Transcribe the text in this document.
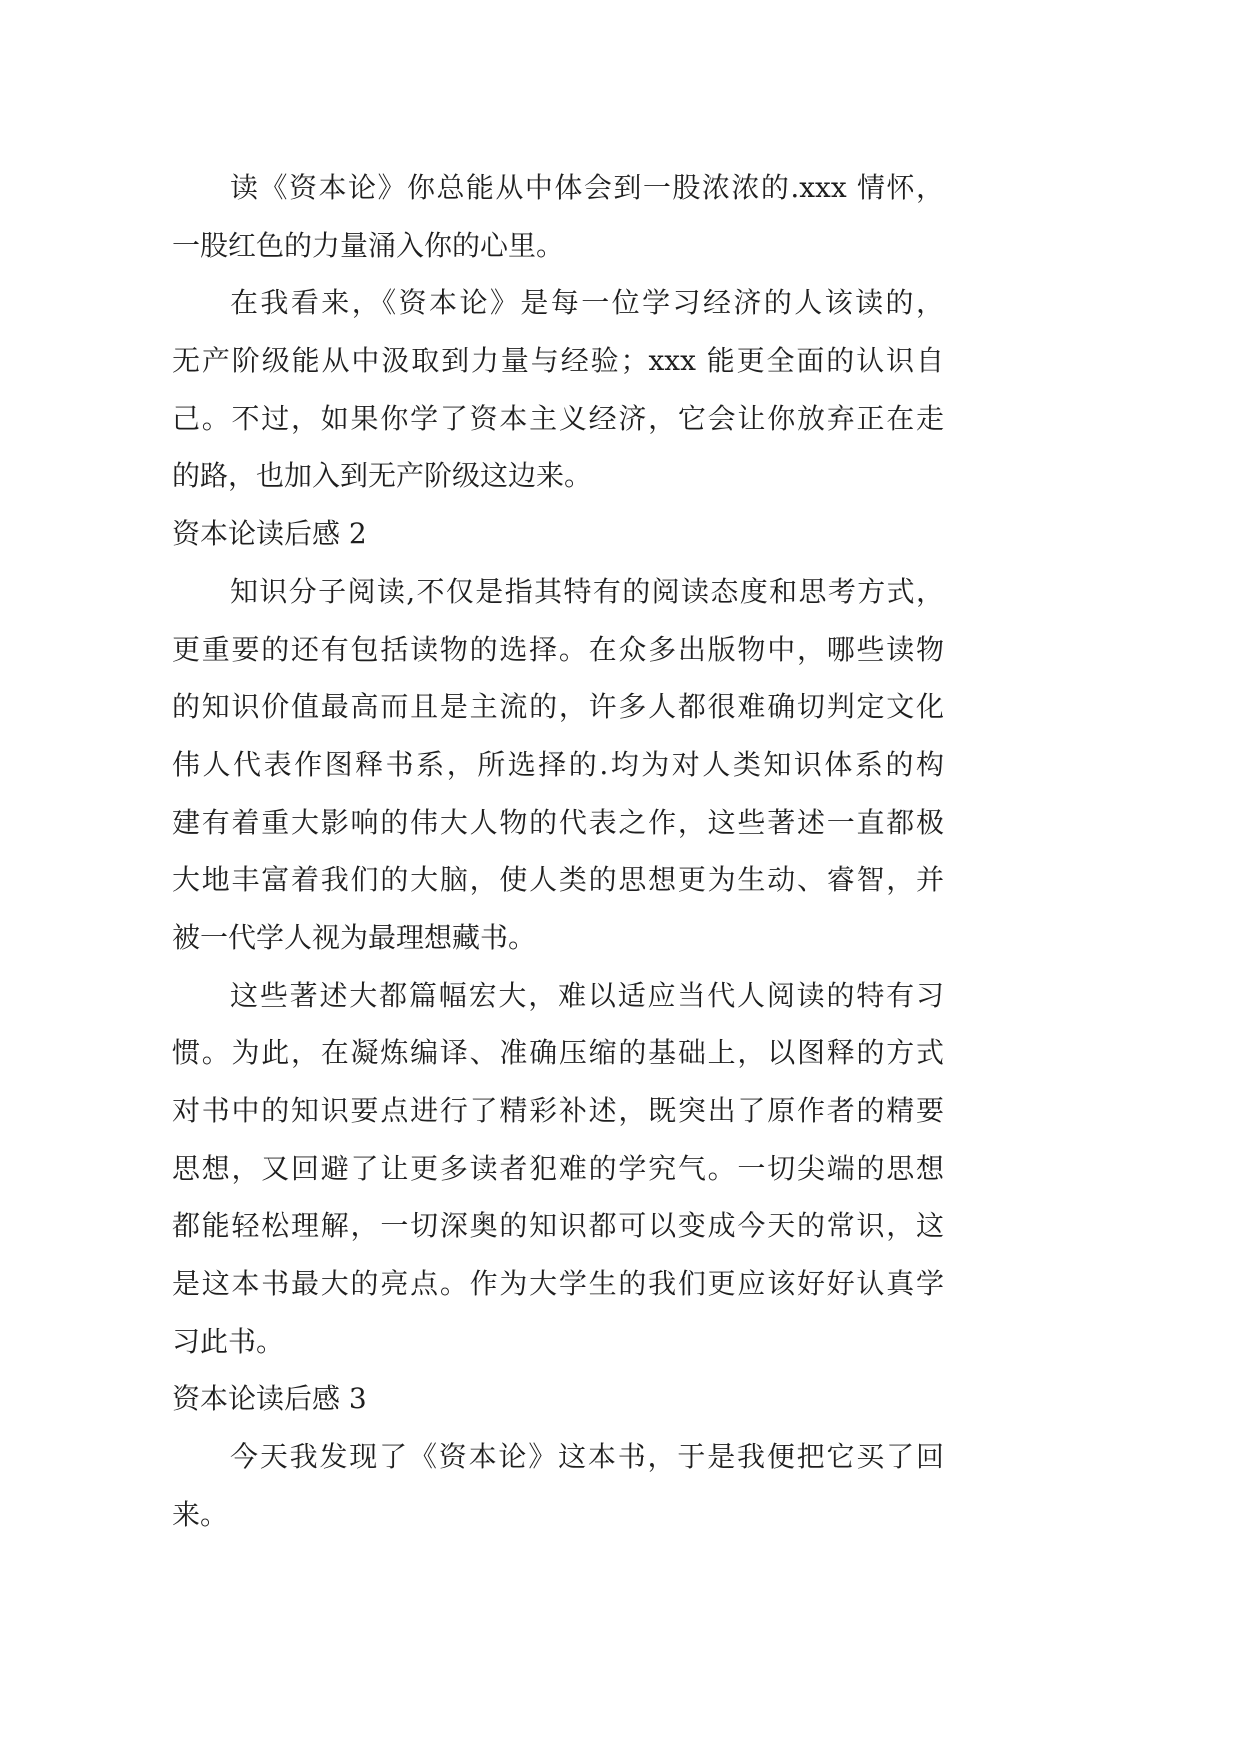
读《资本论》你总能从中体会到一股浓浓的.xxx 情怀，
一股红色的力量涌入你的心里。
在我看来，《资本论》是每一位学习经济的人该读的，
无产阶级能从中汲取到力量与经验；xxx 能更全面的认识自
己。不过，如果你学了资本主义经济，它会让你放弃正在走
的路，也加入到无产阶级这边来。
资本论读后感 2
知识分子阅读,不仅是指其特有的阅读态度和思考方式，
更重要的还有包括读物的选择。在众多出版物中，哪些读物
的知识价值最高而且是主流的，许多人都很难确切判定文化
伟人代表作图释书系，所选择的.均为对人类知识体系的构
建有着重大影响的伟大人物的代表之作，这些著述一直都极
大地丰富着我们的大脑，使人类的思想更为生动、睿智，并
被一代学人视为最理想藏书。
这些著述大都篇幅宏大，难以适应当代人阅读的特有习
惯。为此，在凝炼编译、准确压缩的基础上，以图释的方式
对书中的知识要点进行了精彩补述，既突出了原作者的精要
思想，又回避了让更多读者犯难的学究气。一切尖端的思想
都能轻松理解，一切深奥的知识都可以变成今天的常识，这
是这本书最大的亮点。作为大学生的我们更应该好好认真学
习此书。
资本论读后感 3
今天我发现了《资本论》这本书，于是我便把它买了回
来。
